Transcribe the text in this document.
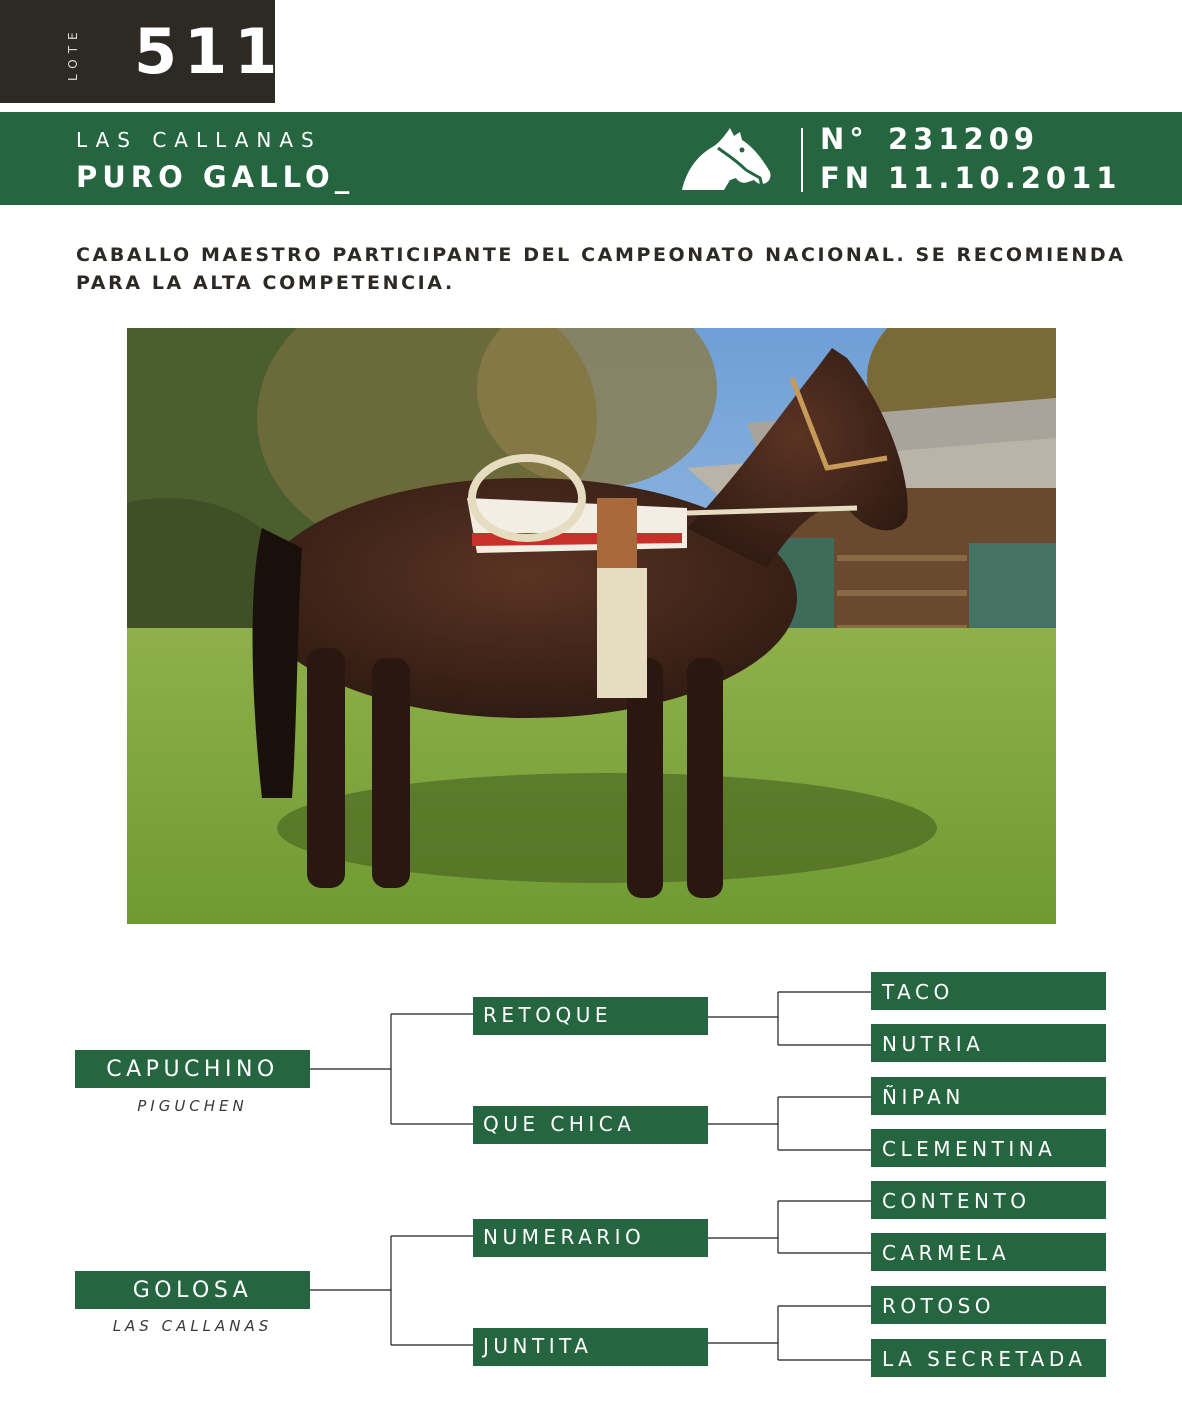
LOTE 511
LAS CALLANAS
PURO GALLO_
N° 231209
FN 11.10.2011
CABALLO MAESTRO PARTICIPANTE DEL CAMPEONATO NACIONAL. SE RECOMIENDA PARA LA ALTA COMPETENCIA.
CAPUCHINO
PIGUCHEN
GOLOSA
LAS CALLANAS
RETOQUE
QUE CHICA
NUMERARIO
JUNTITA
TACO
NUTRIA
ÑIPAN
CLEMENTINA
CONTENTO
CARMELA
ROTOSO
LA SECRETADA
